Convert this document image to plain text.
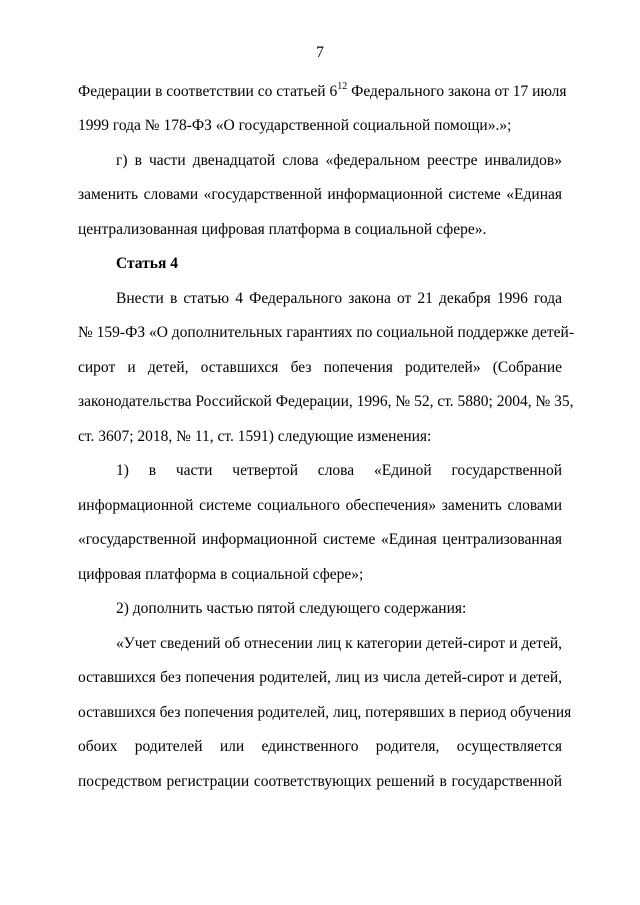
7
Федерации в соответствии со статьей $6^{12}$ Федерального закона от 17 июля
1999 года № 178-ФЗ «О государственной социальной помощи».»;
г) в части двенадцатой слова «федеральном реестре инвалидов»
заменить словами «государственной информационной системе «Единая
централизованная цифровая платформа в социальной сфере».
Статья 4
Внести в статью 4 Федерального закона от 21 декабря 1996 года
№ 159-ФЗ «О дополнительных гарантиях по социальной поддержке детей-
сирот и детей, оставшихся без попечения родителей» (Собрание
законодательства Российской Федерации, 1996, № 52, ст. 5880; 2004, № 35,
ст. 3607; 2018, № 11, ст. 1591) следующие изменения:
1) в части четвертой слова «Единой государственной
информационной системе социального обеспечения» заменить словами
«государственной информационной системе «Единая централизованная
цифровая платформа в социальной сфере»;
2) дополнить частью пятой следующего содержания:
«Учет сведений об отнесении лиц к категории детей-сирот и детей,
оставшихся без попечения родителей, лиц из числа детей-сирот и детей,
оставшихся без попечения родителей, лиц, потерявших в период обучения
обоих родителей или единственного родителя, осуществляется
посредством регистрации соответствующих решений в государственной
